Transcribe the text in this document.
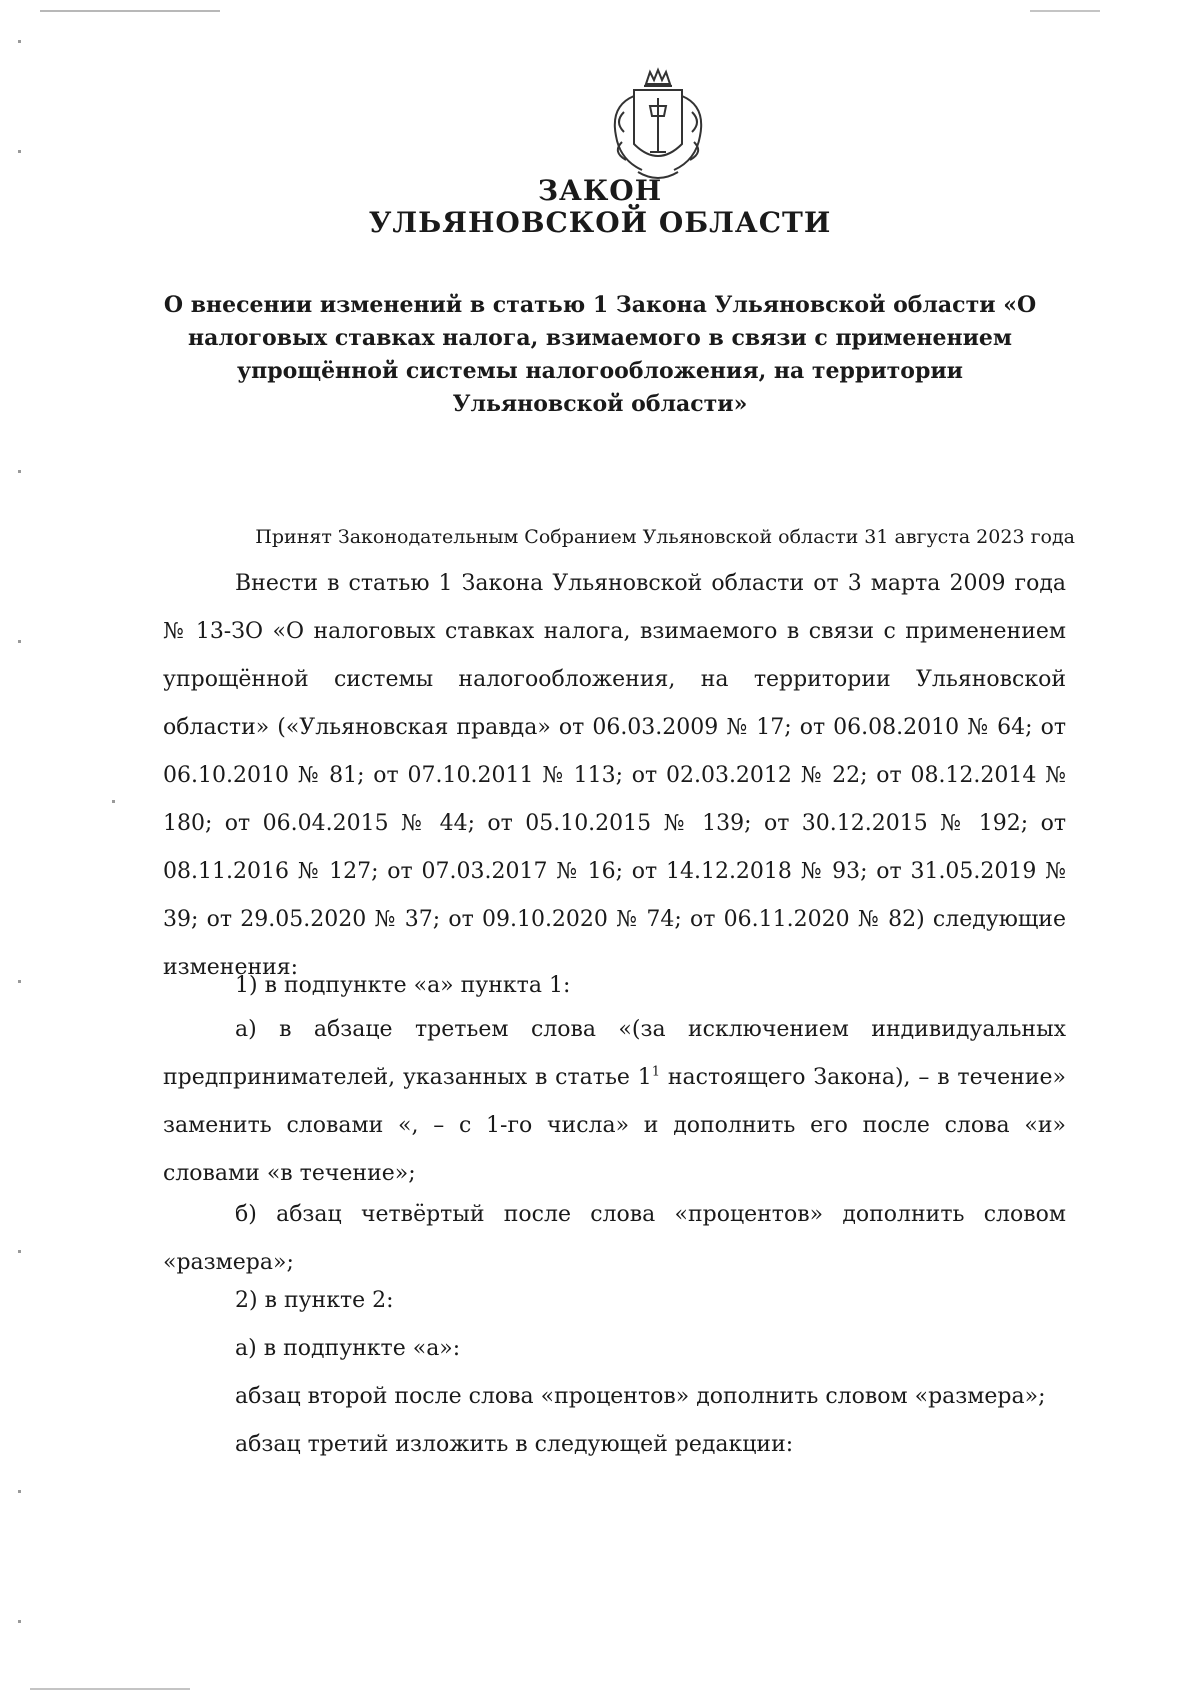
ЗАКОН
УЛЬЯНОВСКОЙ ОБЛАСТИ
О внесении изменений в статью 1 Закона Ульяновской области «О налоговых ставках налога, взимаемого в связи с применением упрощённой системы налогообложения, на территории Ульяновской области»
Принят Законодательным Собранием Ульяновской области 31 августа 2023 года
Внести в статью 1 Закона Ульяновской области от 3 марта 2009 года № 13-ЗО «О налоговых ставках налога, взимаемого в связи с применением упрощённой системы налогообложения, на территории Ульяновской области» («Ульяновская правда» от 06.03.2009 № 17; от 06.08.2010 № 64; от 06.10.2010 № 81; от 07.10.2011 № 113; от 02.03.2012 № 22; от 08.12.2014 № 180; от 06.04.2015 № 44; от 05.10.2015 № 139; от 30.12.2015 № 192; от 08.11.2016 № 127; от 07.03.2017 № 16; от 14.12.2018 № 93; от 31.05.2019 № 39; от 29.05.2020 № 37; от 09.10.2020 № 74; от 06.11.2020 № 82) следующие изменения:
1) в подпункте «а» пункта 1:
а) в абзаце третьем слова «(за исключением индивидуальных предпринимателей, указанных в статье $1^1$ настоящего Закона), – в течение» заменить словами «, – с 1-го числа» и дополнить его после слова «и» словами «в течение»;
б) абзац четвёртый после слова «процентов» дополнить словом «размера»;
2) в пункте 2:
а) в подпункте «а»:
абзац второй после слова «процентов» дополнить словом «размера»;
абзац третий изложить в следующей редакции:
